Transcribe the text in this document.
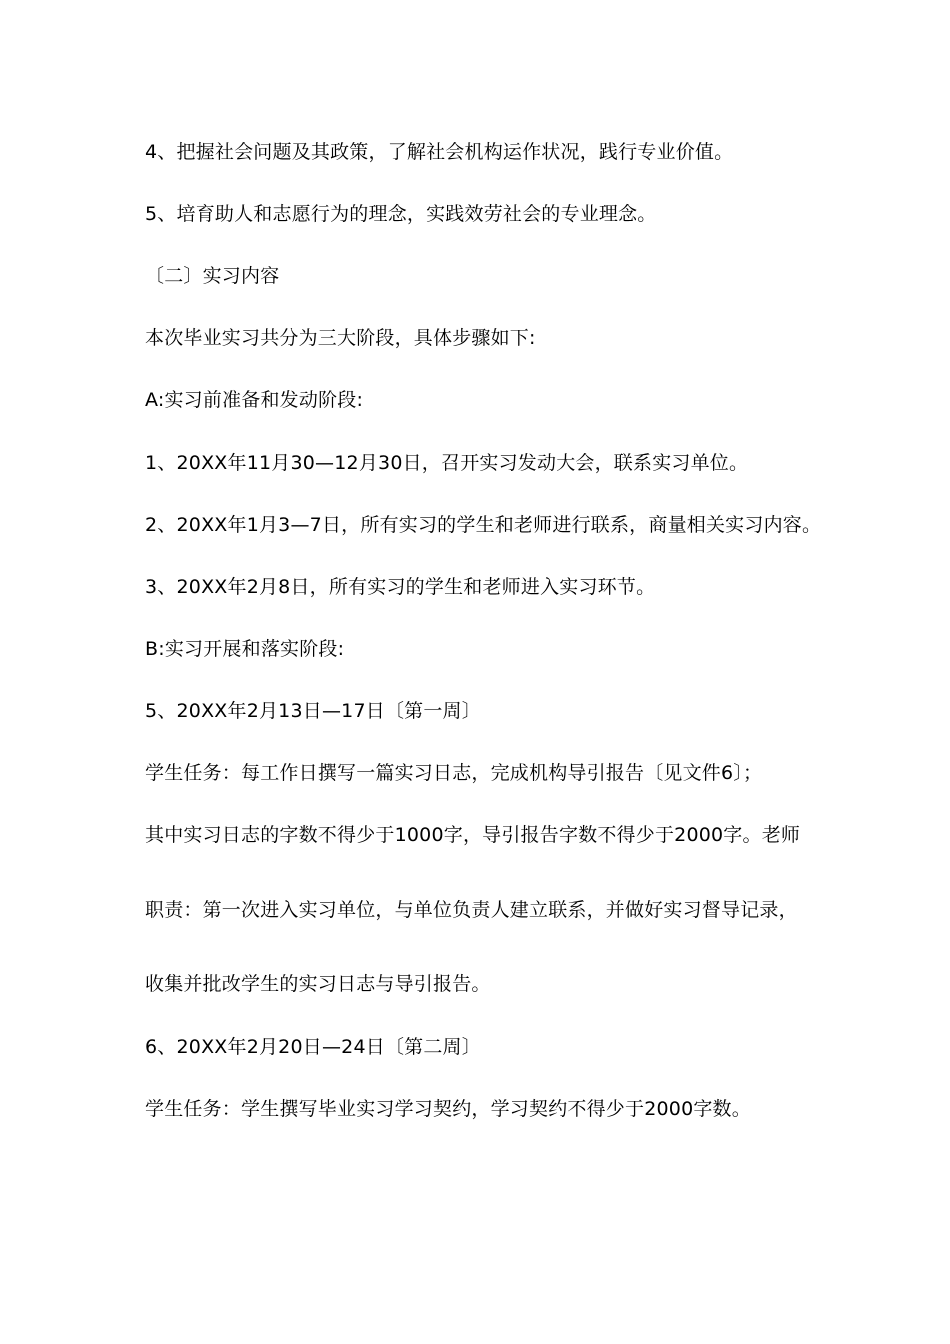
4、把握社会问题及其政策，了解社会机构运作状况，践行专业价值。
5、培育助人和志愿行为的理念，实践效劳社会的专业理念。
〔二〕实习内容
本次毕业实习共分为三大阶段，具体步骤如下:
A:实习前准备和发动阶段:
1、20XX年11月30—12月30日，召开实习发动大会，联系实习单位。
2、20XX年1月3—7日，所有实习的学生和老师进行联系，商量相关实习内容。
3、20XX年2月8日，所有实习的学生和老师进入实习环节。
B:实习开展和落实阶段:
5、20XX年2月13日—17日〔第一周〕
学生任务：每工作日撰写一篇实习日志，完成机构导引报告〔见文件6〕；
其中实习日志的字数不得少于1000字，导引报告字数不得少于2000字。老师
职责：第一次进入实习单位，与单位负责人建立联系，并做好实习督导记录，
收集并批改学生的实习日志与导引报告。
6、20XX年2月20日—24日〔第二周〕
学生任务：学生撰写毕业实习学习契约，学习契约不得少于2000字数。
